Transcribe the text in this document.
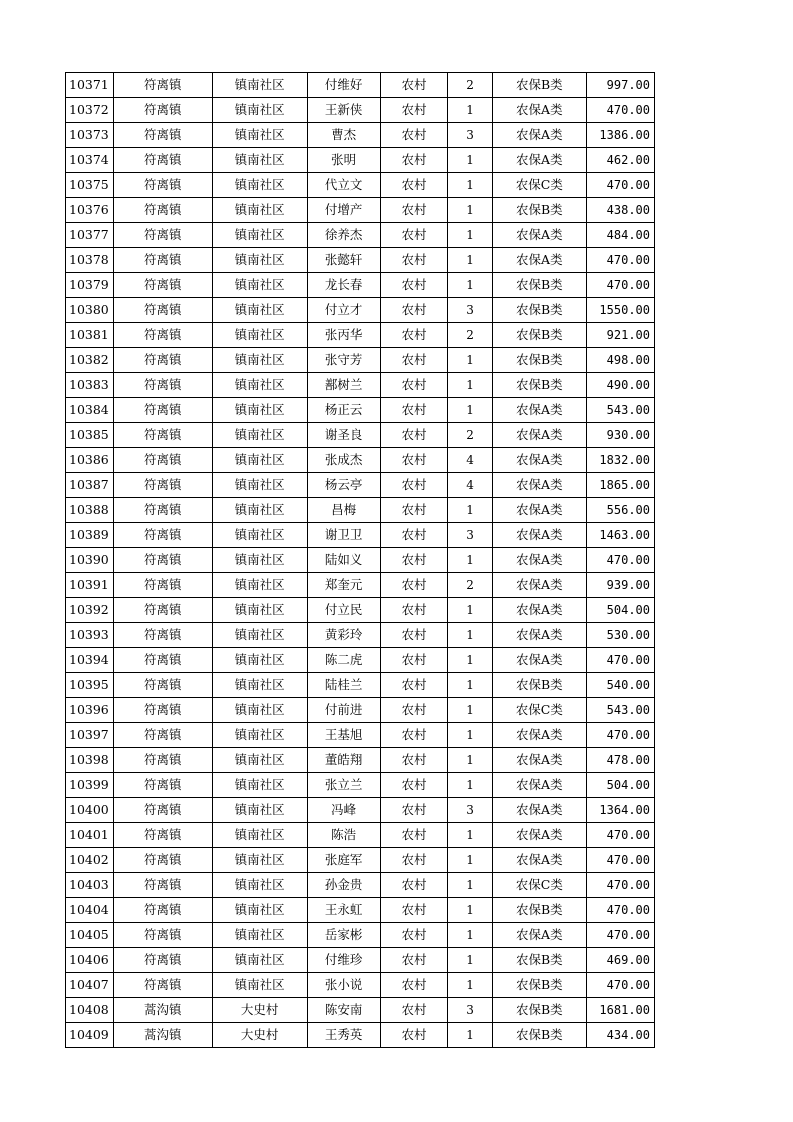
10371	符离镇	镇南社区	付维好	农村	2	农保B类	997.00
10372	符离镇	镇南社区	王新侠	农村	1	农保A类	470.00
10373	符离镇	镇南社区	曹杰	农村	3	农保A类	1386.00
10374	符离镇	镇南社区	张明	农村	1	农保A类	462.00
10375	符离镇	镇南社区	代立文	农村	1	农保C类	470.00
10376	符离镇	镇南社区	付增产	农村	1	农保B类	438.00
10377	符离镇	镇南社区	徐养杰	农村	1	农保A类	484.00
10378	符离镇	镇南社区	张懿轩	农村	1	农保A类	470.00
10379	符离镇	镇南社区	龙长春	农村	1	农保B类	470.00
10380	符离镇	镇南社区	付立才	农村	3	农保B类	1550.00
10381	符离镇	镇南社区	张丙华	农村	2	农保B类	921.00
10382	符离镇	镇南社区	张守芳	农村	1	农保B类	498.00
10383	符离镇	镇南社区	鄯树兰	农村	1	农保B类	490.00
10384	符离镇	镇南社区	杨正云	农村	1	农保A类	543.00
10385	符离镇	镇南社区	谢圣良	农村	2	农保A类	930.00
10386	符离镇	镇南社区	张成杰	农村	4	农保A类	1832.00
10387	符离镇	镇南社区	杨云亭	农村	4	农保A类	1865.00
10388	符离镇	镇南社区	昌梅	农村	1	农保A类	556.00
10389	符离镇	镇南社区	谢卫卫	农村	3	农保A类	1463.00
10390	符离镇	镇南社区	陆如义	农村	1	农保A类	470.00
10391	符离镇	镇南社区	郑奎元	农村	2	农保A类	939.00
10392	符离镇	镇南社区	付立民	农村	1	农保A类	504.00
10393	符离镇	镇南社区	黄彩玲	农村	1	农保A类	530.00
10394	符离镇	镇南社区	陈二虎	农村	1	农保A类	470.00
10395	符离镇	镇南社区	陆桂兰	农村	1	农保B类	540.00
10396	符离镇	镇南社区	付前进	农村	1	农保C类	543.00
10397	符离镇	镇南社区	王基旭	农村	1	农保A类	470.00
10398	符离镇	镇南社区	董皓翔	农村	1	农保A类	478.00
10399	符离镇	镇南社区	张立兰	农村	1	农保A类	504.00
10400	符离镇	镇南社区	冯峰	农村	3	农保A类	1364.00
10401	符离镇	镇南社区	陈浩	农村	1	农保A类	470.00
10402	符离镇	镇南社区	张庭军	农村	1	农保A类	470.00
10403	符离镇	镇南社区	孙金贵	农村	1	农保C类	470.00
10404	符离镇	镇南社区	王永虹	农村	1	农保B类	470.00
10405	符离镇	镇南社区	岳家彬	农村	1	农保A类	470.00
10406	符离镇	镇南社区	付维珍	农村	1	农保B类	469.00
10407	符离镇	镇南社区	张小说	农村	1	农保B类	470.00
10408	蒿沟镇	大史村	陈安南	农村	3	农保B类	1681.00
10409	蒿沟镇	大史村	王秀英	农村	1	农保B类	434.00
